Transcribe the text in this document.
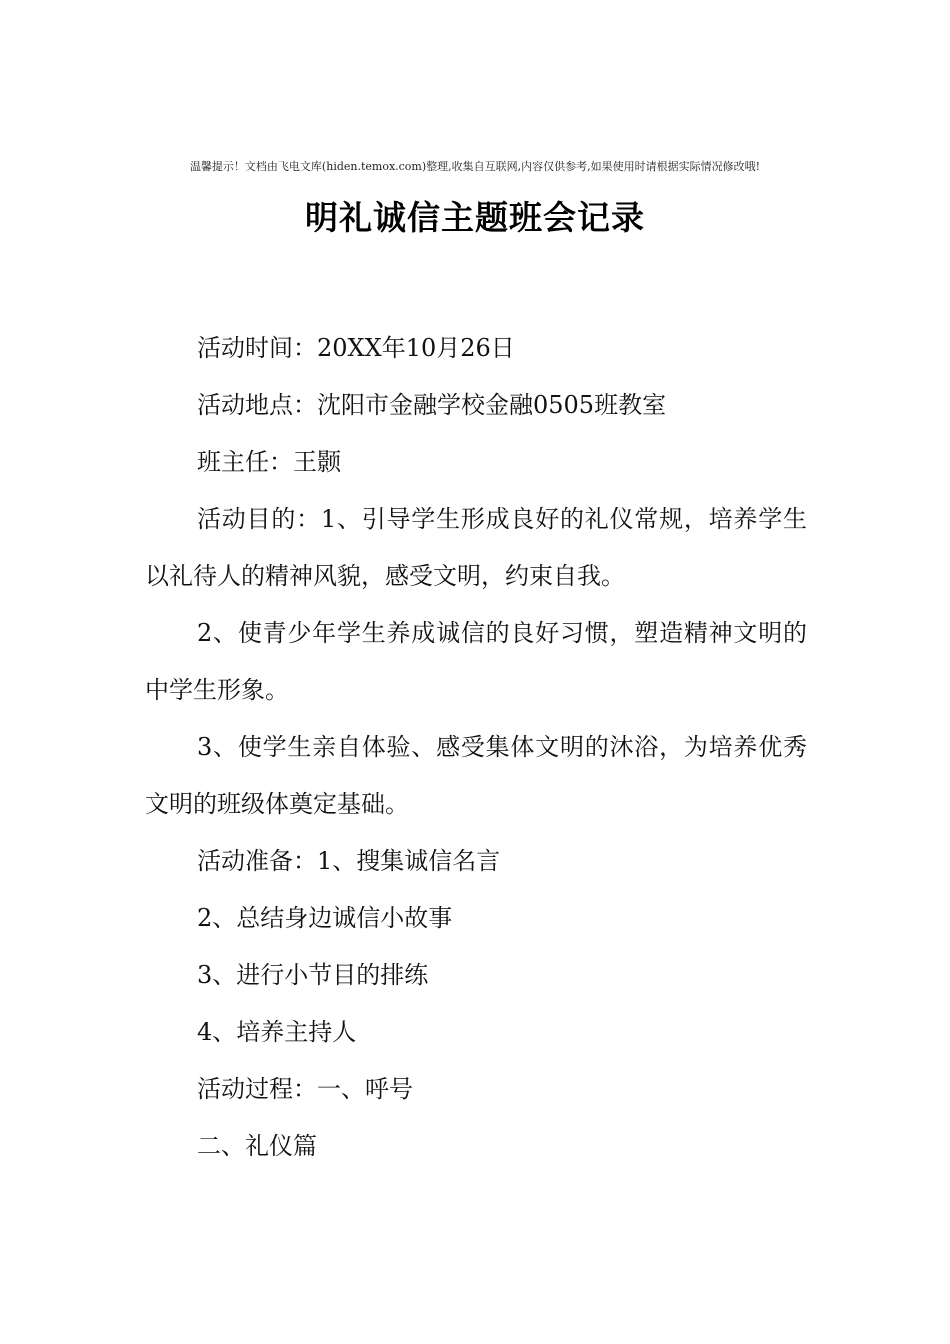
温馨提示！文档由飞电文库(hiden.temox.com)整理,收集自互联网,内容仅供参考,如果使用时请根据实际情况修改哦!
明礼诚信主题班会记录

活动时间：20XX年10月26日

活动地点：沈阳市金融学校金融0505班教室

班主任：王颢

活动目的：1、引导学生形成良好的礼仪常规，培养学生以礼待人的精神风貌，感受文明，约束自我。

2、使青少年学生养成诚信的良好习惯，塑造精神文明的中学生形象。

3、使学生亲自体验、感受集体文明的沐浴，为培养优秀文明的班级体奠定基础。

活动准备：1、搜集诚信名言

2、总结身边诚信小故事

3、进行小节目的排练

4、培养主持人

活动过程：一、呼号

二、礼仪篇
